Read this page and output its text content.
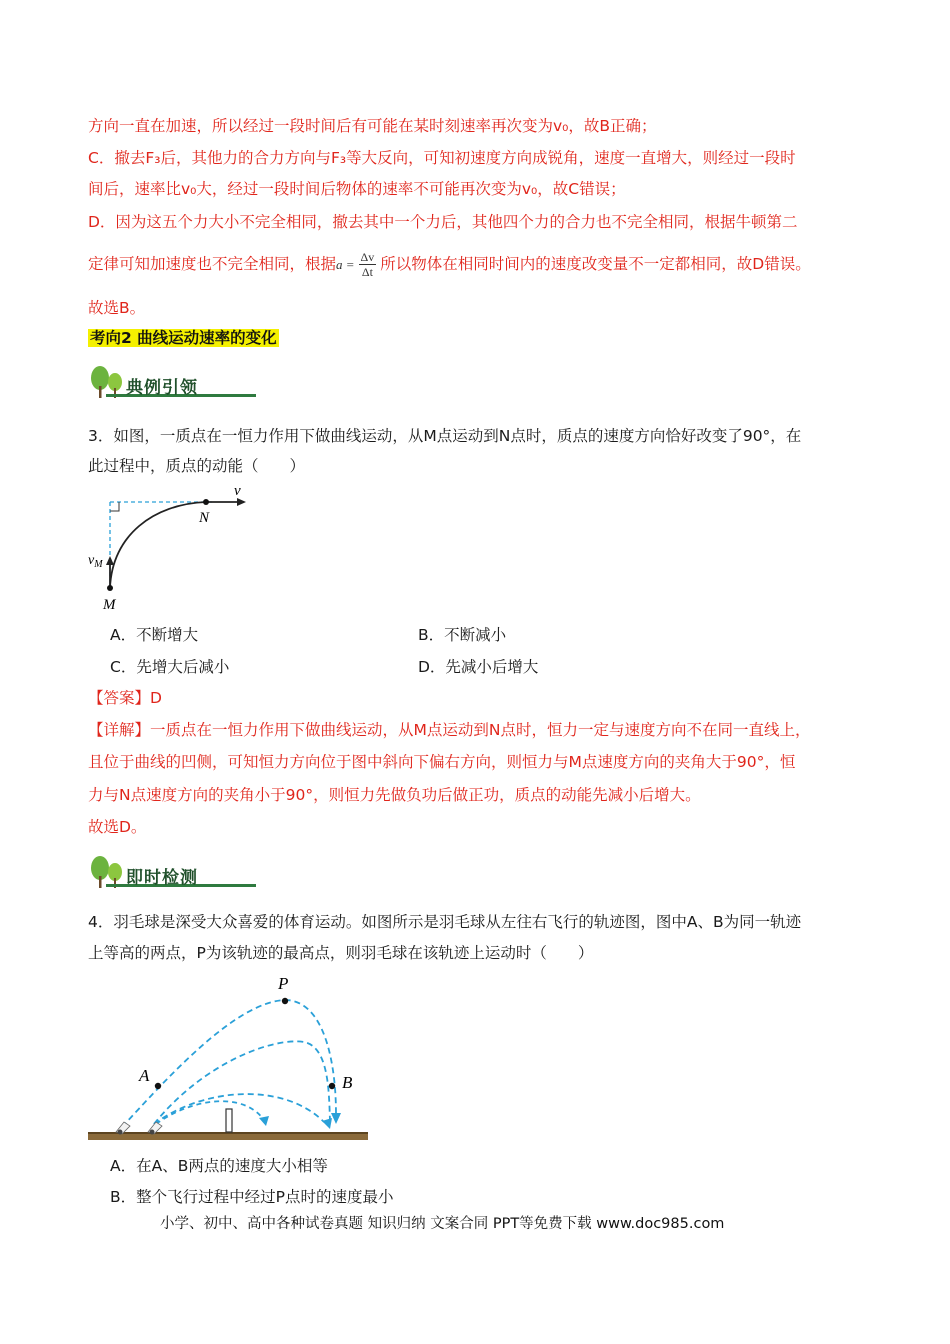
方向一直在加速，所以经过一段时间后有可能在某时刻速率再次变为v₀，故B正确；
C．撤去F₃后，其他力的合力方向与F₃等大反向，可知初速度方向成锐角，速度一直增大，则经过一段时
间后，速率比v₀大，经过一段时间后物体的速率不可能再次变为v₀，故C错误；
D．因为这五个力大小不完全相同，撤去其中一个力后，其他四个力的合力也不完全相同，根据牛顿第二
定律可知加速度也不完全相同，根据$a = \frac{\Delta v}{\Delta t}$ 所以物体在相同时间内的速度改变量不一定都相同，故D错误。
故选B。
考向2 曲线运动速率的变化
典例引领
3．如图，一质点在一恒力作用下做曲线运动，从M点运动到N点时，质点的速度方向恰好改变了90°，在
此过程中，质点的动能（　　）
v
N
$v_M$
M
A．不断增大	B．不断减小
C．先增大后减小	D．先减小后增大
【答案】D
【详解】一质点在一恒力作用下做曲线运动，从M点运动到N点时，恒力一定与速度方向不在同一直线上，
且位于曲线的凹侧，可知恒力方向位于图中斜向下偏右方向，则恒力与M点速度方向的夹角大于90°，恒
力与N点速度方向的夹角小于90°，则恒力先做负功后做正功，质点的动能先减小后增大。
故选D。
即时检测
4．羽毛球是深受大众喜爱的体育运动。如图所示是羽毛球从左往右飞行的轨迹图，图中A、B为同一轨迹
上等高的两点，P为该轨迹的最高点，则羽毛球在该轨迹上运动时（　　）
P
A	B
A．在A、B两点的速度大小相等
B．整个飞行过程中经过P点时的速度最小
小学、初中、高中各种试卷真题 知识归纳 文案合同 PPT等免费下载 www.doc985.com
